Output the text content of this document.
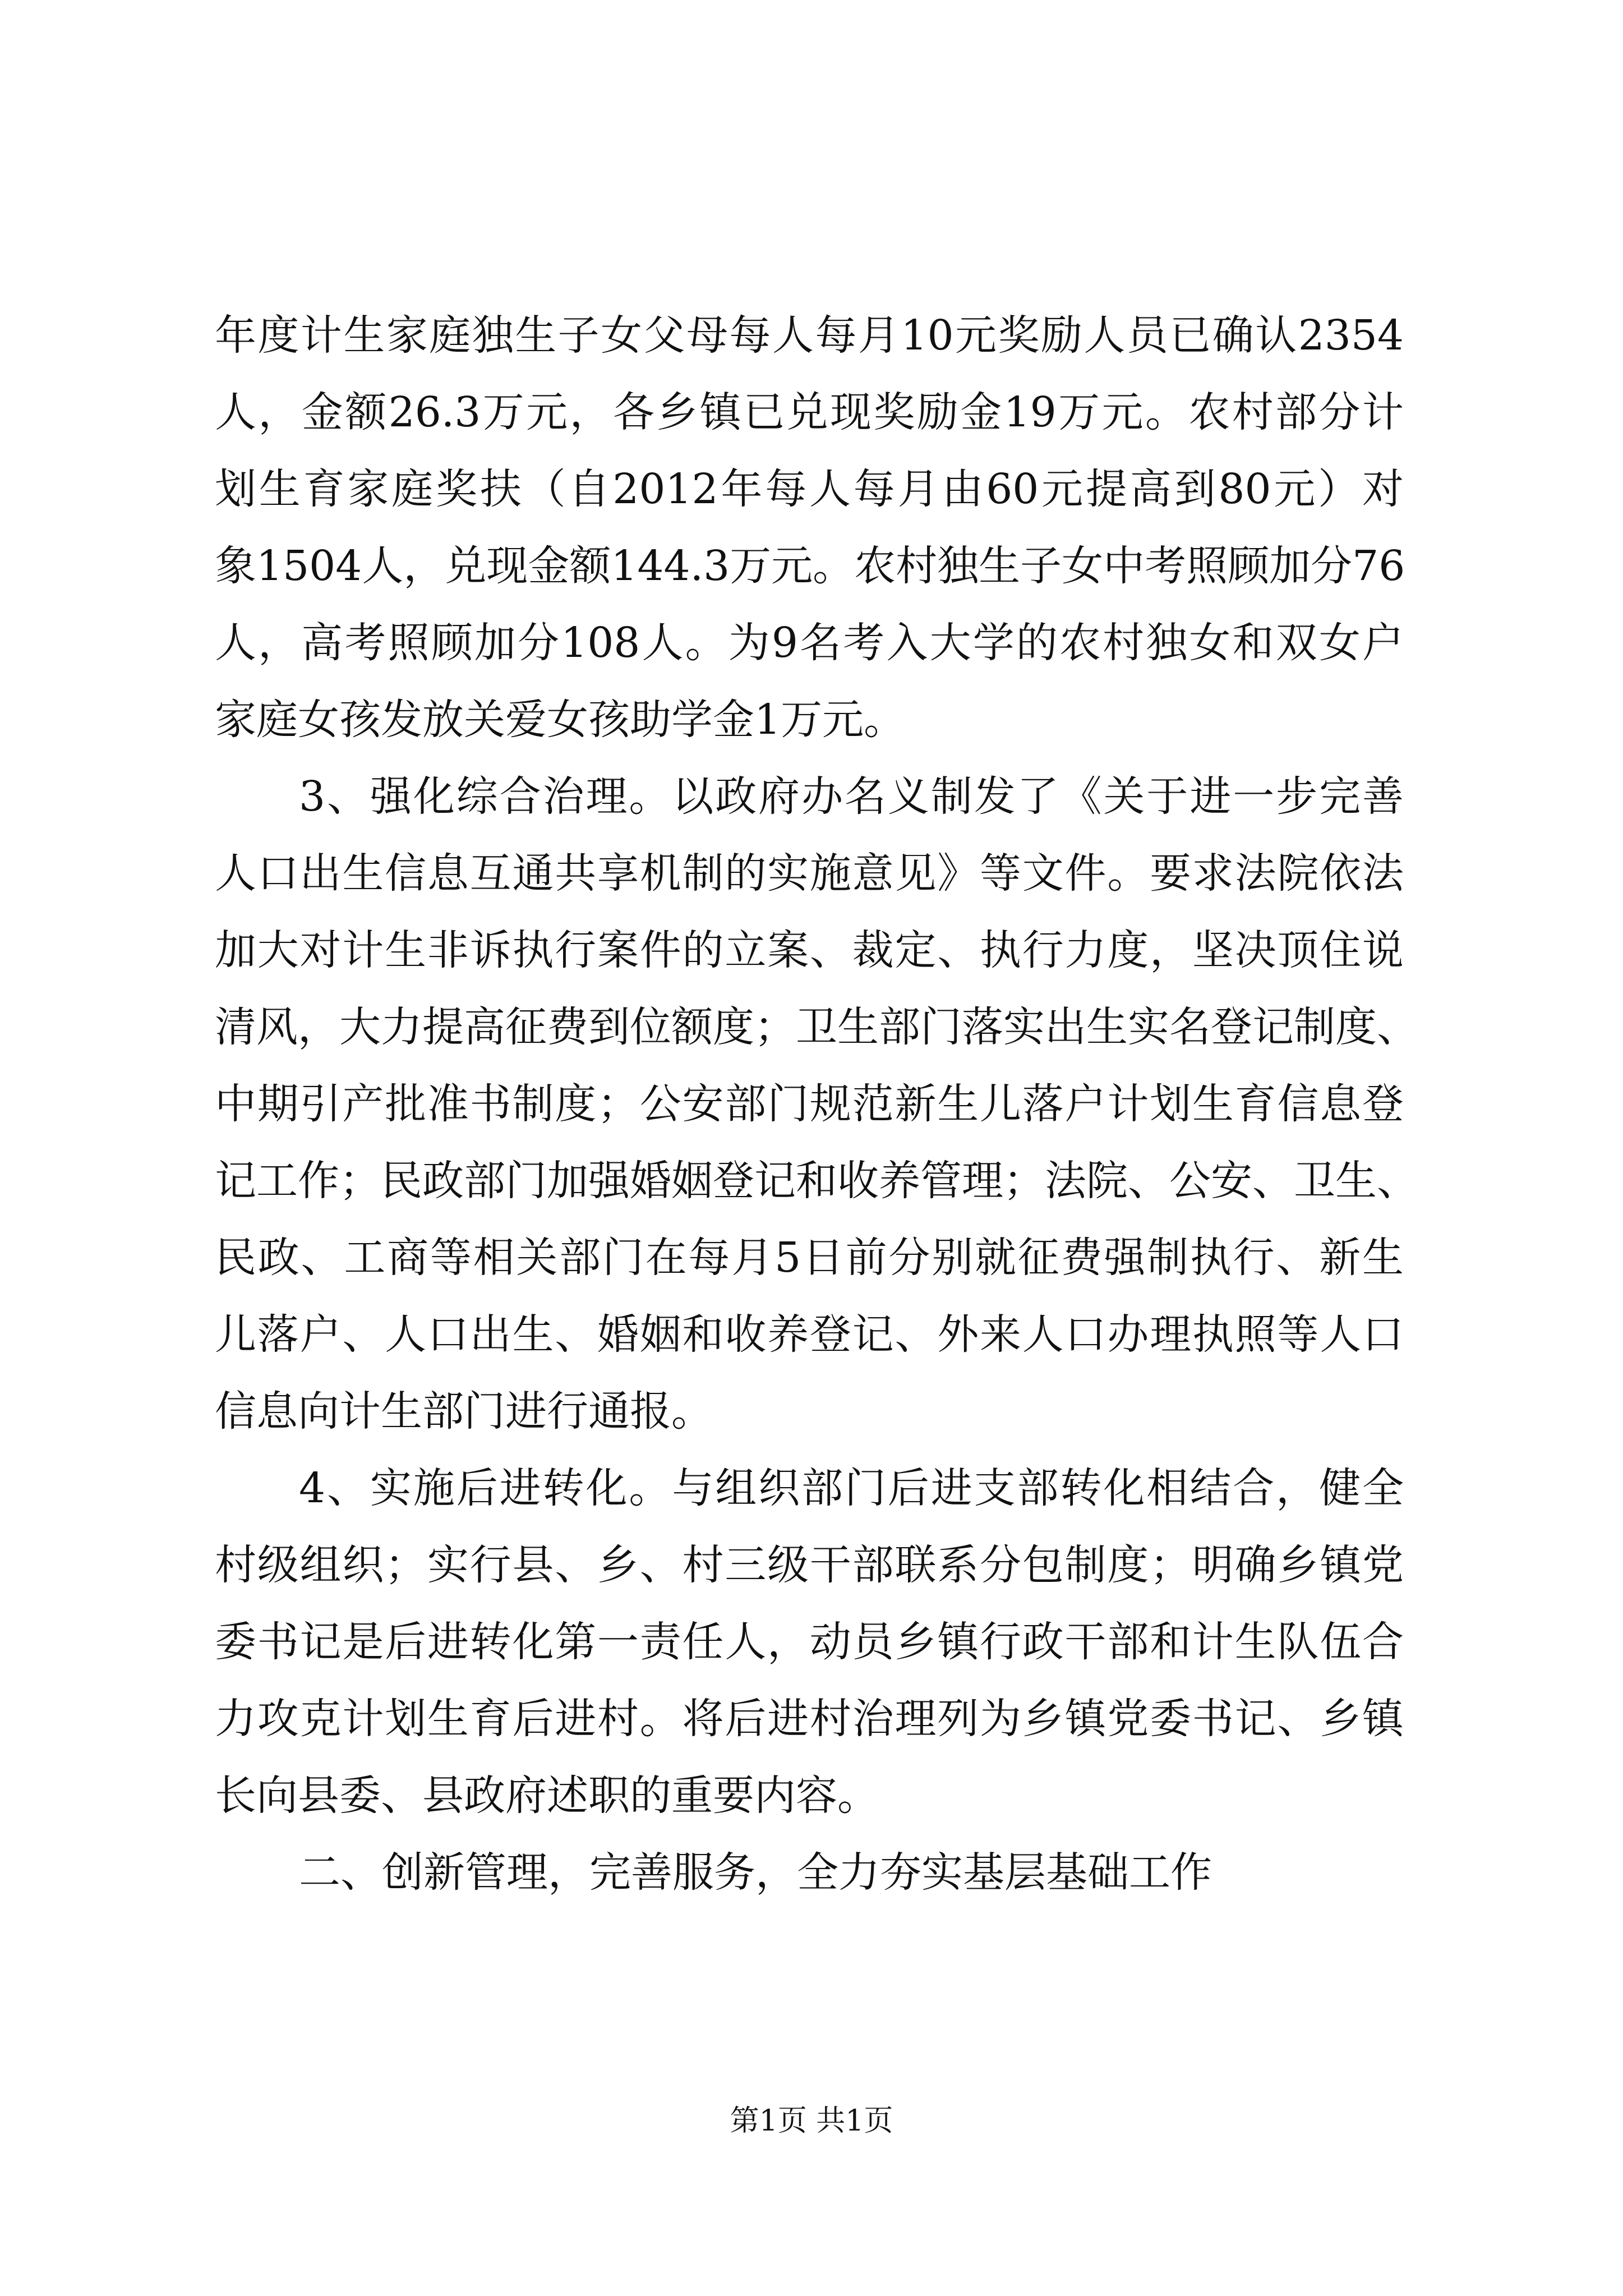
年度计生家庭独生子女父母每人每月10元奖励人员已确认2354
人，金额26.3万元，各乡镇已兑现奖励金19万元。农村部分计
划生育家庭奖扶（自2012年每人每月由60元提高到80元）对
象1504人，兑现金额144.3万元。农村独生子女中考照顾加分76
人，高考照顾加分108人。为9名考入大学的农村独女和双女户
家庭女孩发放关爱女孩助学金1万元。
3、强化综合治理。以政府办名义制发了《关于进一步完善
人口出生信息互通共享机制的实施意见》等文件。要求法院依法
加大对计生非诉执行案件的立案、裁定、执行力度，坚决顶住说
清风，大力提高征费到位额度；卫生部门落实出生实名登记制度、
中期引产批准书制度；公安部门规范新生儿落户计划生育信息登
记工作；民政部门加强婚姻登记和收养管理；法院、公安、卫生、
民政、工商等相关部门在每月5日前分别就征费强制执行、新生
儿落户、人口出生、婚姻和收养登记、外来人口办理执照等人口
信息向计生部门进行通报。
4、实施后进转化。与组织部门后进支部转化相结合，健全
村级组织；实行县、乡、村三级干部联系分包制度；明确乡镇党
委书记是后进转化第一责任人，动员乡镇行政干部和计生队伍合
力攻克计划生育后进村。将后进村治理列为乡镇党委书记、乡镇
长向县委、县政府述职的重要内容。
二、创新管理，完善服务，全力夯实基层基础工作
第1页 共1页
